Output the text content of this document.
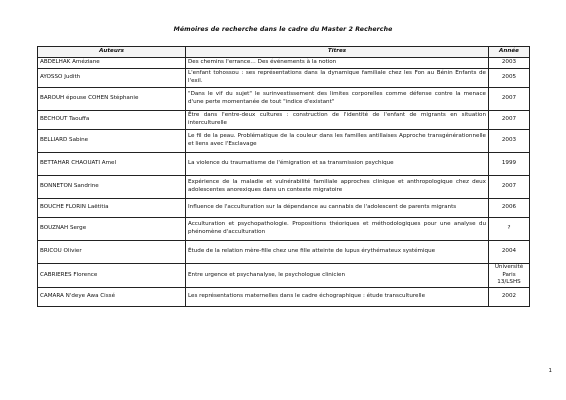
Mémoires de recherche dans le cadre du Master 2 Recherche
Auteurs	Titres	Année
ABDELHAK Améziane	Des chemins l'errance… Des événements à la notion	2003
AYOSSO Judith	L'enfant tohossou : ses représentations dans la dynamique familiale chez les Fon au Bénin Enfants de l'exil.	2005
BAROUH épouse COHEN Stéphanie	"Dans le vif du sujet" le surinvestissement des limites corporelles comme défense contre la menace d'une perte momentanée de tout "indice d'existant"	2007
BECHOUT Taouffa	Être dans l'entre-deux cultures : construction de l'identité de l'enfant de migrants en situation interculturelle	2007
BELLIARD Sabine	Le fil de la peau. Problématique de la couleur dans les familles antillaises Approche transgénérationnelle et liens avec l'Esclavage	2003
BETTAHAR CHAOUATI Amel	La violence du traumatisme de l'émigration et sa transmission psychique	1999
BONNETON Sandrine	Expérience de la maladie et vulnérabilité familiale approches clinique et anthropologique chez deux adolescentes anorexiques dans un contexte migratoire	2007
BOUCHE FLORIN Laëtitia	Influence de l'acculturation sur la dépendance au cannabis de l'adolescent de parents migrants	2006
BOUZNAH Serge	Acculturation et psychopathologie. Propositions théoriques et méthodologiques pour une analyse du phénomène d'acculturation	?
BRICOU Olivier	Étude de la relation mère-fille chez une fille atteinte de lupus érythémateux systémique	2004
CABRIERES Florence	Entre urgence et psychanalyse, le psychologue clinicien	Université Paris 13/LSHS
CAMARA N'deye Awa Cissé	Les représentations maternelles dans le cadre échographique : étude transculturelle	2002
1
